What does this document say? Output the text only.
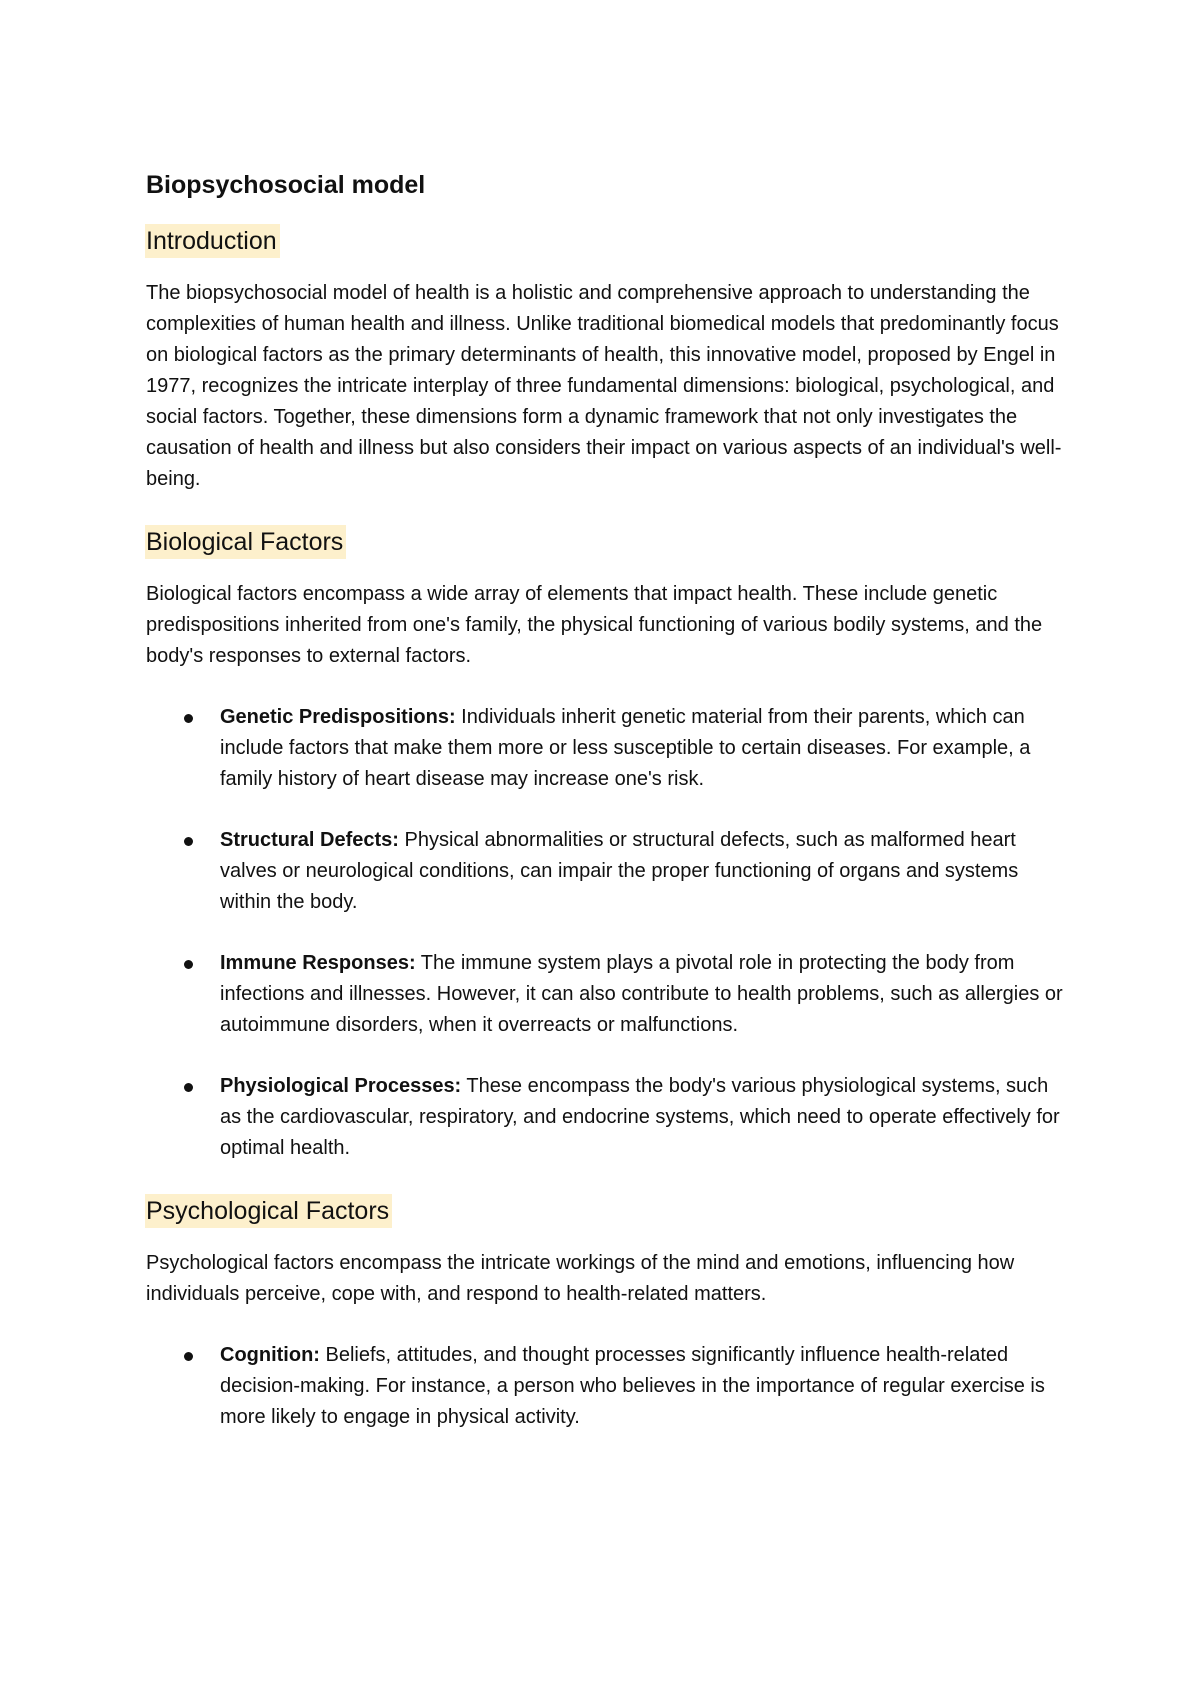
Biopsychosocial model
Introduction

The biopsychosocial model of health is a holistic and comprehensive approach to understanding the complexities of human health and illness. Unlike traditional biomedical models that predominantly focus on biological factors as the primary determinants of health, this innovative model, proposed by Engel in 1977, recognizes the intricate interplay of three fundamental dimensions: biological, psychological, and social factors. Together, these dimensions form a dynamic framework that not only investigates the causation of health and illness but also considers their impact on various aspects of an individual's well-being.

Biological Factors

Biological factors encompass a wide array of elements that impact health. These include genetic predispositions inherited from one's family, the physical functioning of various bodily systems, and the body's responses to external factors.

Genetic Predispositions: Individuals inherit genetic material from their parents, which can include factors that make them more or less susceptible to certain diseases. For example, a family history of heart disease may increase one's risk.
Structural Defects: Physical abnormalities or structural defects, such as malformed heart valves or neurological conditions, can impair the proper functioning of organs and systems within the body.
Immune Responses: The immune system plays a pivotal role in protecting the body from infections and illnesses. However, it can also contribute to health problems, such as allergies or autoimmune disorders, when it overreacts or malfunctions.
Physiological Processes: These encompass the body's various physiological systems, such as the cardiovascular, respiratory, and endocrine systems, which need to operate effectively for optimal health.
Psychological Factors

Psychological factors encompass the intricate workings of the mind and emotions, influencing how individuals perceive, cope with, and respond to health-related matters.

Cognition: Beliefs, attitudes, and thought processes significantly influence health-related decision-making. For instance, a person who believes in the importance of regular exercise is more likely to engage in physical activity.
